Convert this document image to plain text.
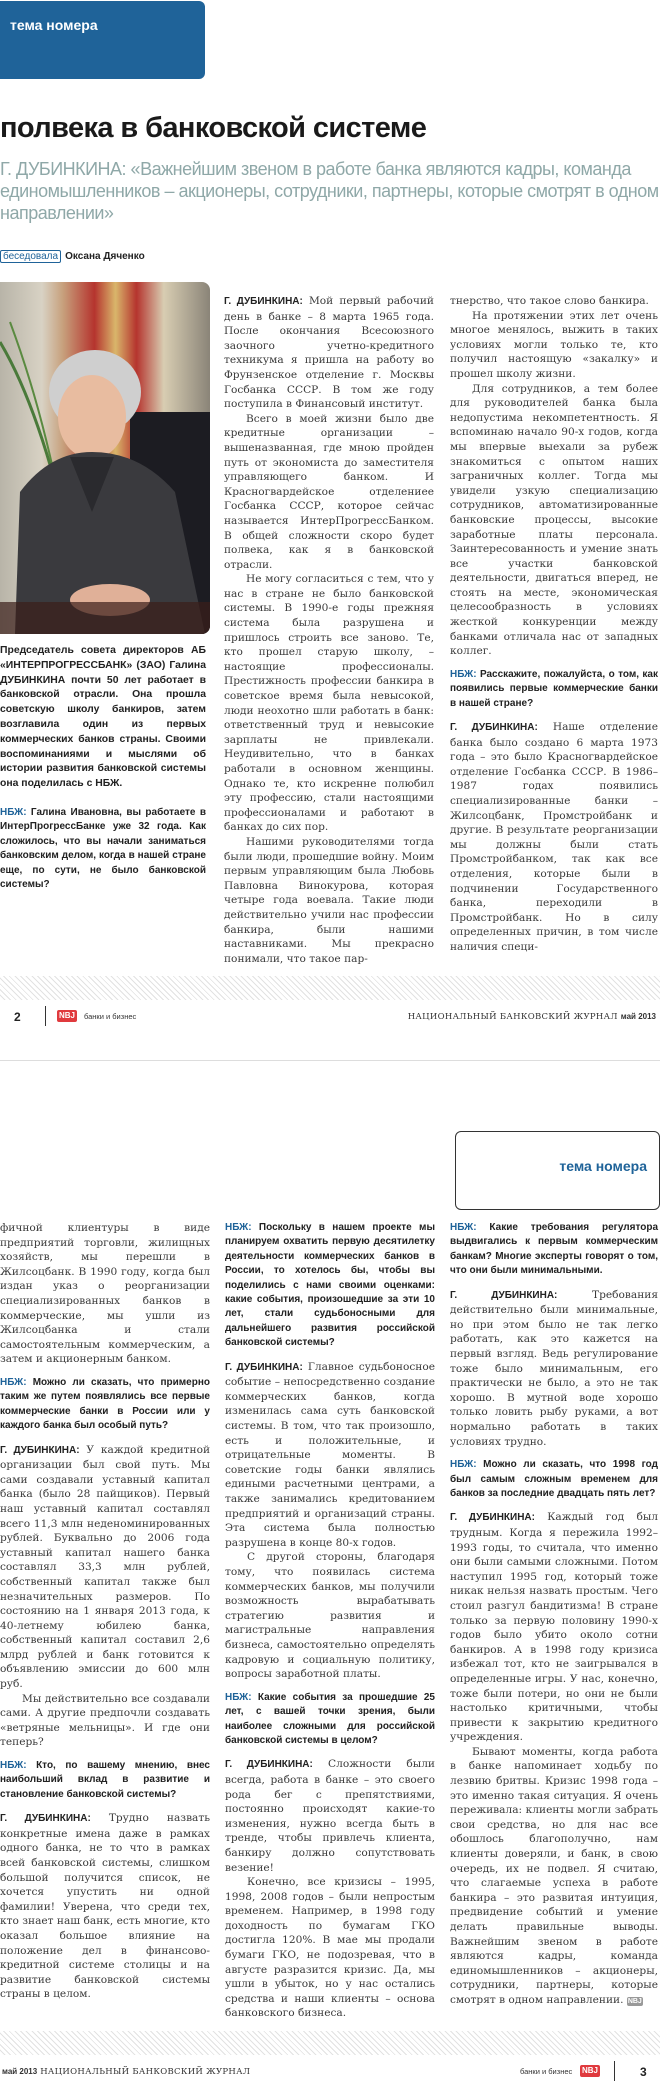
тема номера
полвека в банковской системе

Г. ДУБИНКИНА: «Важнейшим звеном в работе банка являются кадры, команда единомышленников – акционеры, сотрудники, партнеры, которые смотрят в одном направлении»

беседовала Оксана Дяченко

Председатель совета директоров АБ «ИНТЕРПРОГРЕССБАНК» (ЗАО) Галина ДУБИНКИНА почти 50 лет работает в банковской отрасли. Она прошла советскую школу банкиров, затем возглавила один из первых коммерческих банков страны. Своими воспоминаниями и мыслями об истории развития банковской системы она поделилась с НБЖ.

НБЖ: Галина Ивановна, вы работаете в ИнтерПрогрессБанке уже 32 года. Как сложилось, что вы начали заниматься банковским делом, когда в нашей стране еще, по сути, не было банковской системы?

Г. ДУБИНКИНА: Мой первый рабочий день в банке – 8 марта 1965 года. После окончания Всесоюзного заочного учетно-кредитного техникума я пришла на работу во Фрунзенское отделение г. Москвы Госбанка СССР. В том же году поступила в Финансовый институт.

Всего в моей жизни было две кредитные организации – вышеназванная, где мною пройден путь от экономиста до заместителя управляющего банком. И Красногвардейское отделениее Госбанка СССР, которое сейчас называется ИнтерПрогрессБанком. В общей сложности скоро будет полвека, как я в банковской отрасли.

Не могу согласиться с тем, что у нас в стране не было банковской системы. В 1990-е годы прежняя система была разрушена и пришлось строить все заново. Те, кто прошел старую школу, – настоящие профессионалы. Престижность профессии банкира в советское время была невысокой, люди неохотно шли работать в банк: ответственный труд и невысокие зарплаты не привлекали. Неудивительно, что в банках работали в основном женщины. Однако те, кто искренне полюбил эту профессию, стали настоящими профессионалами и работают в банках до сих пор.

Нашими руководителями тогда были люди, прошедшие войну. Моим первым управляющим была Любовь Павловна Винокурова, которая четыре года воевала. Такие люди действительно учили нас профессии банкира, были нашими наставниками. Мы прекрасно понимали, что такое пар-

тнерство, что такое слово банкира.

На протяжении этих лет очень многое менялось, выжить в таких условиях могли только те, кто получил настоящую «закалку» и прошел школу жизни.

Для сотрудников, а тем более для руководителей банка была недопустима некомпетентность. Я вспоминаю начало 90-х годов, когда мы впервые выехали за рубеж знакомиться с опытом наших заграничных коллег. Тогда мы увидели узкую специализацию сотрудников, автоматизированные банковские процессы, высокие заработные платы персонала. Заинтересованность и умение знать все участки банковской деятельности, двигаться вперед, не стоять на месте, экономическая целесообразность в условиях жесткой конкуренции между банками отличала нас от западных коллег.

НБЖ: Расскажите, пожалуйста, о том, как появились первые коммерческие банки в нашей стране?

Г. ДУБИНКИНА: Наше отделение банка было создано 6 марта 1973 года – это было Красногвардейское отделение Госбанка СССР. В 1986–1987 годах появились специализированные банки – Жилсоцбанк, Промстройбанк и другие. В результате реорганизации мы должны были стать Промстройбанком, так как все отделения, которые были в подчинении Государственного банка, переходили в Промстройбанк. Но в силу определенных причин, в том числе наличия специ-

2	NBJ банки и бизнес	НАЦИОНАЛЬНЫЙ БАНКОВСКИЙ ЖУРНАЛ май 2013
тема номера

фичной клиентуры в виде предприятий торговли, жилищных хозяйств, мы перешли в Жилсоцбанк. В 1990 году, когда был издан указ о реорганизации специализированных банков в коммерческие, мы ушли из Жилсоцбанка и стали самостоятельным коммерческим, а затем и акционерным банком.

НБЖ: Можно ли сказать, что примерно таким же путем появлялись все первые коммерческие банки в России или у каждого банка был особый путь?

Г. ДУБИНКИНА: У каждой кредитной организации был свой путь. Мы сами создавали уставный капитал банка (было 28 пайщиков). Первый наш уставный капитал составлял всего 11,3 млн неденоминированных рублей. Буквально до 2006 года уставный капитал нашего банка составлял 33,3 млн рублей, собственный капитал также был незначительных размеров. По состоянию на 1 января 2013 года, к 40-летнему юбилею банка, собственный капитал составил 2,6 млрд рублей и банк готовится к объявлению эмиссии до 600 млн руб.

Мы действительно все создавали сами. А другие предпочли создавать «ветряные мельницы». И где они теперь?

НБЖ: Кто, по вашему мнению, внес наибольший вклад в развитие и становление банковской системы?

Г. ДУБИНКИНА: Трудно назвать конкретные имена даже в рамках одного банка, не то что в рамках всей банковской системы, слишком большой получится список, не хочется упустить ни одной фамилии! Уверена, что среди тех, кто знает наш банк, есть многие, кто оказал большое влияние на положение дел в финансово-кредитной системе столицы и на развитие банковской системы страны в целом.

НБЖ: Поскольку в нашем проекте мы планируем охватить первую десятилетку деятельности коммерческих банков в России, то хотелось бы, чтобы вы поделились с нами своими оценками: какие события, произошедшие за эти 10 лет, стали судьбоносными для дальнейшего развития российской банковской системы?

Г. ДУБИНКИНА: Главное судьбоносное событие – непосредственно создание коммерческих банков, когда изменилась сама суть банковской системы. В том, что так произошло, есть и положительные, и отрицательные моменты. В советские годы банки являлись едиными расчетными центрами, а также занимались кредитованием предприятий и организаций страны. Эта система была полностью разрушена в конце 80-х годов.

С другой стороны, благодаря тому, что появилась система коммерческих банков, мы получили возможность вырабатывать стратегию развития и магистральные направления бизнеса, самостоятельно определять кадровую и социальную политику, вопросы заработной платы.

НБЖ: Какие события за прошедшие 25 лет, с вашей точки зрения, были наиболее сложными для российской банковской системы в целом?

Г. ДУБИНКИНА: Сложности были всегда, работа в банке – это своего рода бег с препятствиями, постоянно происходят какие-то изменения, нужно всегда быть в тренде, чтобы привлечь клиента, банкиру должно сопутствовать везение!

Конечно, все кризисы – 1995, 1998, 2008 годов – были непростым временем. Например, в 1998 году доходность по бумагам ГКО достигла 120%. В мае мы продали бумаги ГКО, не подозревая, что в августе разразится кризис. Да, мы ушли в убыток, но у нас остались средства и наши клиенты – основа банковского бизнеса.

НБЖ: Какие требования регулятора выдвигались к первым коммерческим банкам? Многие эксперты говорят о том, что они были минимальными.

Г. ДУБИНКИНА:	Требования действительно были минимальные, но при этом было не так легко работать, как это кажется на первый взгляд. Ведь регулирование тоже было минимальным, его практически не было, а это не так хорошо. В мутной воде хорошо только ловить рыбу руками, а вот нормально работать в таких условиях трудно.

НБЖ: Можно ли сказать, что 1998 год был самым сложным временем для банков за последние двадцать пять лет?

Г. ДУБИНКИНА: Каждый год был трудным. Когда я пережила 1992–1993 годы, то считала, что именно они были самыми сложными. Потом наступил 1995 год, который тоже никак нельзя назвать простым. Чего стоил разгул бандитизма! В стране только за первую половину 1990-х годов было убито около сотни банкиров. А в 1998 году кризиса избежал тот, кто не заигрывался в определенные игры. У нас, конечно, тоже были потери, но они не были настолько критичными, чтобы привести к закрытию кредитного учреждения.

Бывают моменты, когда работа в банке напоминает ходьбу по лезвию бритвы. Кризис 1998 года – это именно такая ситуация. Я очень переживала: клиенты могли забрать свои средства, но для нас все обошлось благополучно, нам клиенты доверяли, и банк, в свою очередь, их не подвел. Я считаю, что слагаемые успеха в работе банкира – это развитая интуиция, предвидение событий и умение делать правильные выводы. Важнейшим звеном в работе являются кадры, команда единомышленников – акционеры, сотрудники, партнеры, которые смотрят в одном направлении. NBJ

май 2013 НАЦИОНАЛЬНЫЙ БАНКОВСКИЙ ЖУРНАЛ	банки и бизнес NBJ	3
